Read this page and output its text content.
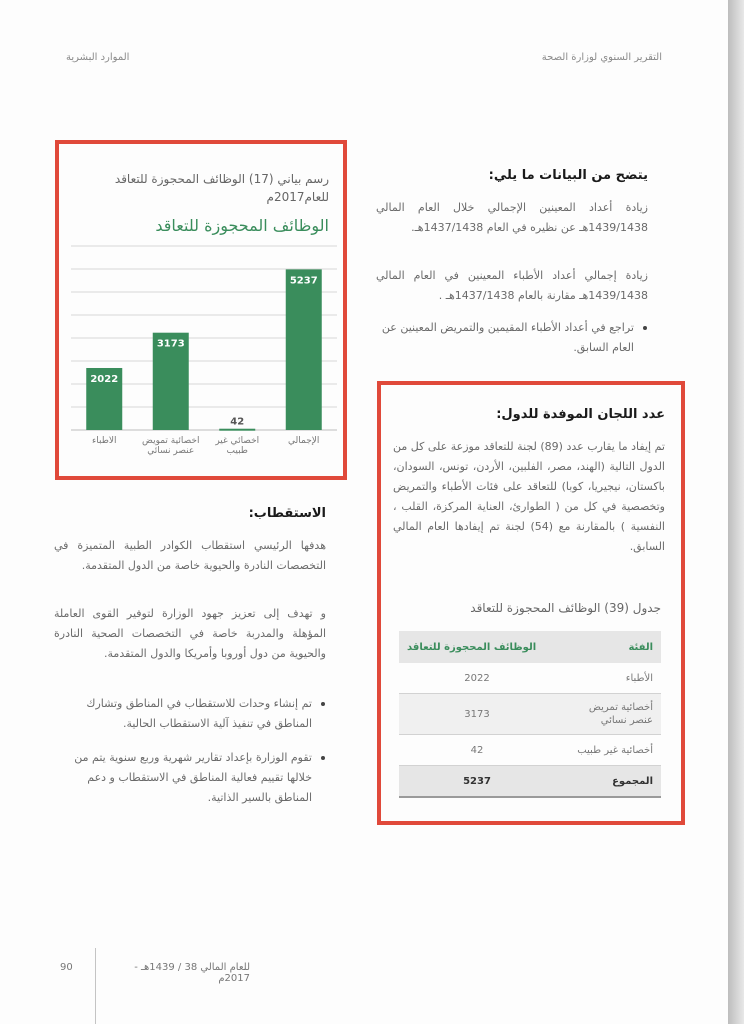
التقرير السنوي لوزارة الصحة
الموارد البشرية
رسم بياني (17) الوظائف المحجوزة للتعاقد للعام2017م
الوظائف المحجوزة للتعاقد
2022
3173
42
5237
الأطباء	اخصائية تمويض عنصر نسائي
اخصائي غير طبيب
الإجمالي
يتضح من البيانات ما يلي:
زيادة أعداد المعينين الإجمالي خلال العام المالي 1439/1438هـ عن نظيره في العام 1437/1438هـ.
زيادة إجمالي أعداد الأطباء المعينين في العام المالي 1439/1438هـ مقارنة بالعام 1437/1438هـ .
تراجع في أعداد الأطباء المقيمين والتمريض المعينين عن العام السابق.
عدد اللجان الموفدة للدول:
تم إيفاد ما يقارب عدد (89) لجنة للتعاقد موزعة على كل من الدول التالية (الهند، مصر، الفلبين، الأردن، تونس، السودان، باكستان، نيجيريا، كوبا) للتعاقد على فئات الأطباء والتمريض وتخصصية في كل من ( الطوارئ، العناية المركزة، القلب ، النفسية ) بالمقارنة مع (54) لجنة تم إيفادها العام المالي السابق.
جدول (39) الوظائف المحجوزة للتعاقد
الفئة	الوظائف المحجوزة للتعاقد
الأطباء	2022
أخصائية تمريض عنصر نسائي	3173
أخصائية غير طبيب	42
المجموع	5237
الاستقطاب:
هدفها الرئيسي استقطاب الكوادر الطبية المتميزة في التخصصات النادرة والحيوية خاصة من الدول المتقدمة.
و تهدف إلى تعزيز جهود الوزارة لتوفير القوى العاملة المؤهلة والمدربة خاصة في التخصصات الصحية النادرة والحيوية من دول أوروبا وأمريكا والدول المتقدمة.
تم إنشاء وحدات للاستقطاب في المناطق وتشارك المناطق في تنفيذ آلية الاستقطاب الحالية.
تقوم الوزارة بإعداد تقارير شهرية وربع سنوية يتم من خلالها تقييم فعالية المناطق في الاستقطاب و دعم المناطق بالسير الذاتية.
90	للعام المالي 38 / 1439هـ - 2017م
